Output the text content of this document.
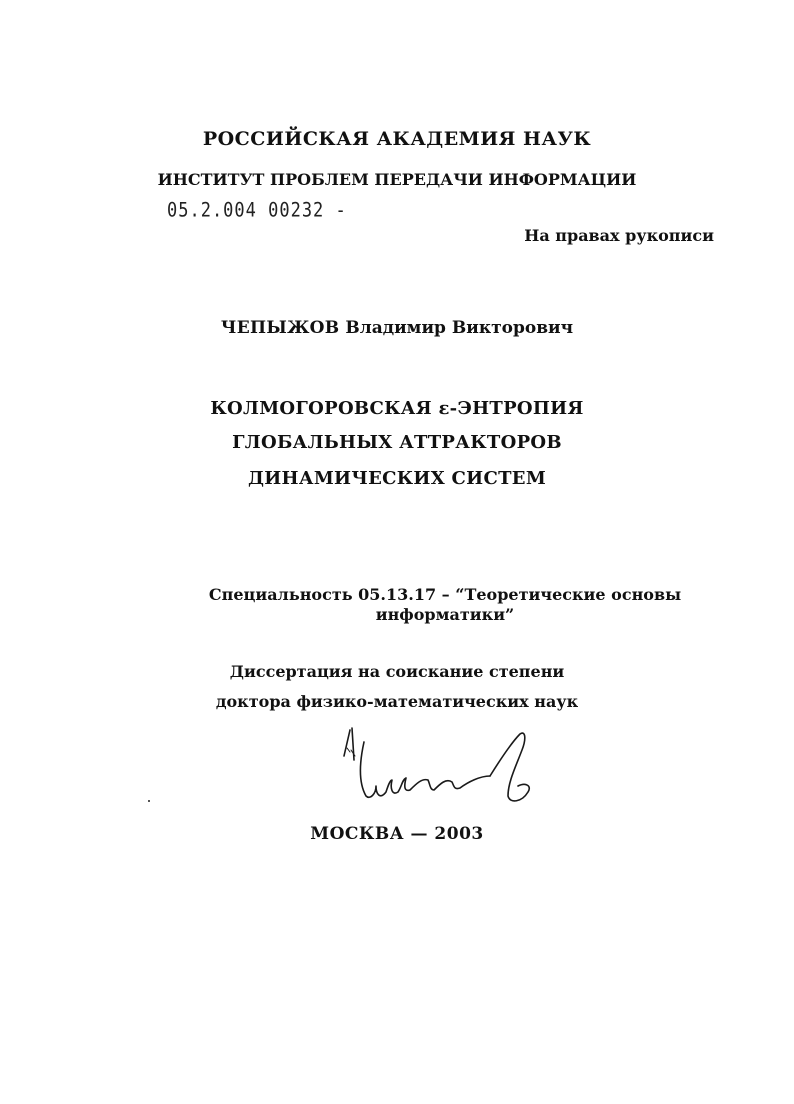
РОССИЙСКАЯ АКАДЕМИЯ НАУК
ИНСТИТУТ ПРОБЛЕМ ПЕРЕДАЧИ ИНФОРМАЦИИ
05.2.004 00232 -
На правах рукописи
ЧЕПЫЖОВ Владимир Викторович
КОЛМОГОРОВСКАЯ ε-ЭНТРОПИЯ
ГЛОБАЛЬНЫХ АТТРАКТОРОВ
ДИНАМИЧЕСКИХ СИСТЕМ
Специальность 05.13.17 – “Теоретические основы информатики”
Диссертация на соискание степени
доктора физико-математических наук
МОСКВА — 2003
